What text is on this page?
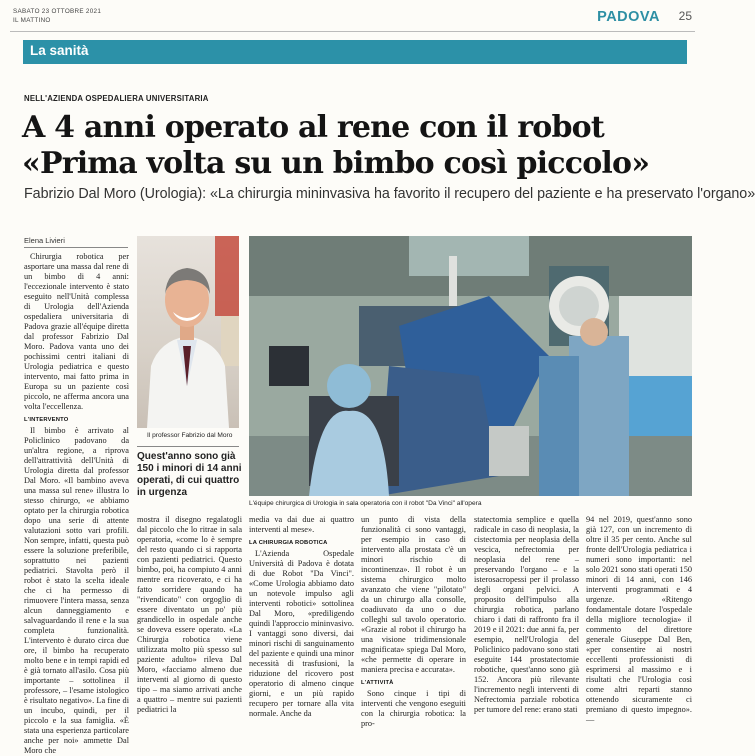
SABATO 23 OTTOBRE 2021
IL MATTINO	PADOVA 25
La sanità
NELL'AZIENDA OSPEDALIERA UNIVERSITARIA
A 4 anni operato al rene con il robot
«Prima volta su un bimbo così piccolo»
Fabrizio Dal Moro (Urologia): «La chirurgia mininvasiva ha favorito il recupero del paziente e ha preservato l'organo»
Elena Livieri

Chirurgia robotica per asportare una massa dal rene di un bimbo di 4 anni: l'eccezionale intervento è stato eseguito nell'Unità complessa di Urologia dell'Azienda ospedaliera universitaria di Padova grazie all'équipe diretta dal professor Fabrizio Dal Moro. Padova vanta uno dei pochissimi centri italiani di Urologia pediatrica e questo intervento, mai fatto prima in Europa su un paziente così piccolo, ne afferma ancora una volta l'eccellenza.

L'INTERVENTO

Il bimbo è arrivato al Policlinico padovano da un'altra regione, a riprova dell'attrattività dell'Unità di Urologia diretta dal professor Dal Moro. «Il bambino aveva una massa sul rene» illustra lo stesso chirurgo, «e abbiamo optato per la chirurgia robotica dopo una serie di attente valutazioni sotto vari profili. Non sempre, infatti, questa può essere la soluzione preferibile, soprattutto nei pazienti pediatrici. Stavolta però il robot è stato la scelta ideale che ci ha permesso di rimuovere l'intera massa, senza alcun danneggiamento e salvaguardando il rene e la sua completa funzionalità. L'intervento è durato circa due ore, il bimbo ha recuperato molto bene e in tempi rapidi ed è già tornato all'asilo. Cosa più importante – sottolinea il professore, – l'esame istologico è risultato negativo». La fine di un incubo, quindi, per il piccolo e la sua famiglia. «È stata una esperienza particolare anche per noi» ammette Dal Moro che

Il professor Fabrizio dal Moro
Quest'anno sono già 150 i minori di 14 anni operati, di cui quattro in urgenza
L'équipe chirurgica di Urologia in sala operatoria con il robot "Da Vinci" all'opera

mostra il disegno regalatogli dal piccolo che lo ritrae in sala operatoria, «come lo è sempre del resto quando ci si rapporta con pazienti pediatrici. Questo bimbo, poi, ha compiuto 4 anni mentre era ricoverato, e ci ha fatto sorridere quando ha "rivendicato" con orgoglio di essere diventato un po' più grandicello in ospedale anche se doveva essere operato. «La Chirurgia robotica viene utilizzata molto più spesso sul paziente adulto» rileva Dal Moro, «facciamo almeno due interventi al giorno di questo tipo – ma siamo arrivati anche a quattro – mentre sui pazienti pediatrici la

media va dai due ai quattro interventi al mese».

LA CHIRURGIA ROBOTICA

L'Azienda Ospedale Università di Padova è dotata di due Robot "Da Vinci". «Come Urologia abbiamo dato un notevole impulso agli interventi robotici» sottolinea Dal Moro, «prediligendo quindi l'approccio mininvasivo. I vantaggi sono diversi, dai minori rischi di sanguinamento del paziente e quindi una minor necessità di trasfusioni, la riduzione del ricovero post operatorio di almeno cinque giorni, e un più rapido recupero per tornare alla vita normale. Anche da

un punto di vista della funzionalità ci sono vantaggi, per esempio in caso di intervento alla prostata c'è un minori rischio di incontinenza». Il robot è un sistema chirurgico molto avanzato che viene "pilotato" da un chirurgo alla consolle, coadiuvato da uno o due colleghi sul tavolo operatorio. «Grazie al robot il chirurgo ha una visione tridimensionale magnificata» spiega Dal Moro, «che permette di operare in maniera precisa e accurata».

L'ATTIVITÀ

Sono cinque i tipi di interventi che vengono eseguiti con la chirurgia robotica: la pro-

statectomia semplice e quella radicale in caso di neoplasia, la cistectomia per neoplasia della vescica, nefrectomia per neoplasia del rene – preservando l'organo – e la isterosacropessi per il prolasso degli organi pelvici. A proposito dell'impulso alla chirurgia robotica, parlano chiaro i dati di raffronto fra il 2019 e il 2021: due anni fa, per esempio, nell'Urologia del Policlinico padovano sono stati eseguite 144 prostatectomie robotiche, quest'anno sono già 152. Ancora più rilevante l'incremento negli interventi di Nefrectomia parziale robotica per tumore del rene: erano stati

94 nel 2019, quest'anno sono già 127, con un incremento di oltre il 35 per cento. Anche sul fronte dell'Urologia pediatrica i numeri sono importanti: nel solo 2021 sono stati operati 150 minori di 14 anni, con 146 interventi programmati e 4 urgenze. «Ritengo fondamentale dotare l'ospedale della migliore tecnologia» il commento del direttore generale Giuseppe Dal Ben, «per consentire ai nostri eccellenti professionisti di esprimersi al massimo e i risultati che l'Urologia così come altri reparti stanno ottenendo sicuramente ci premiano di questo impegno». —
